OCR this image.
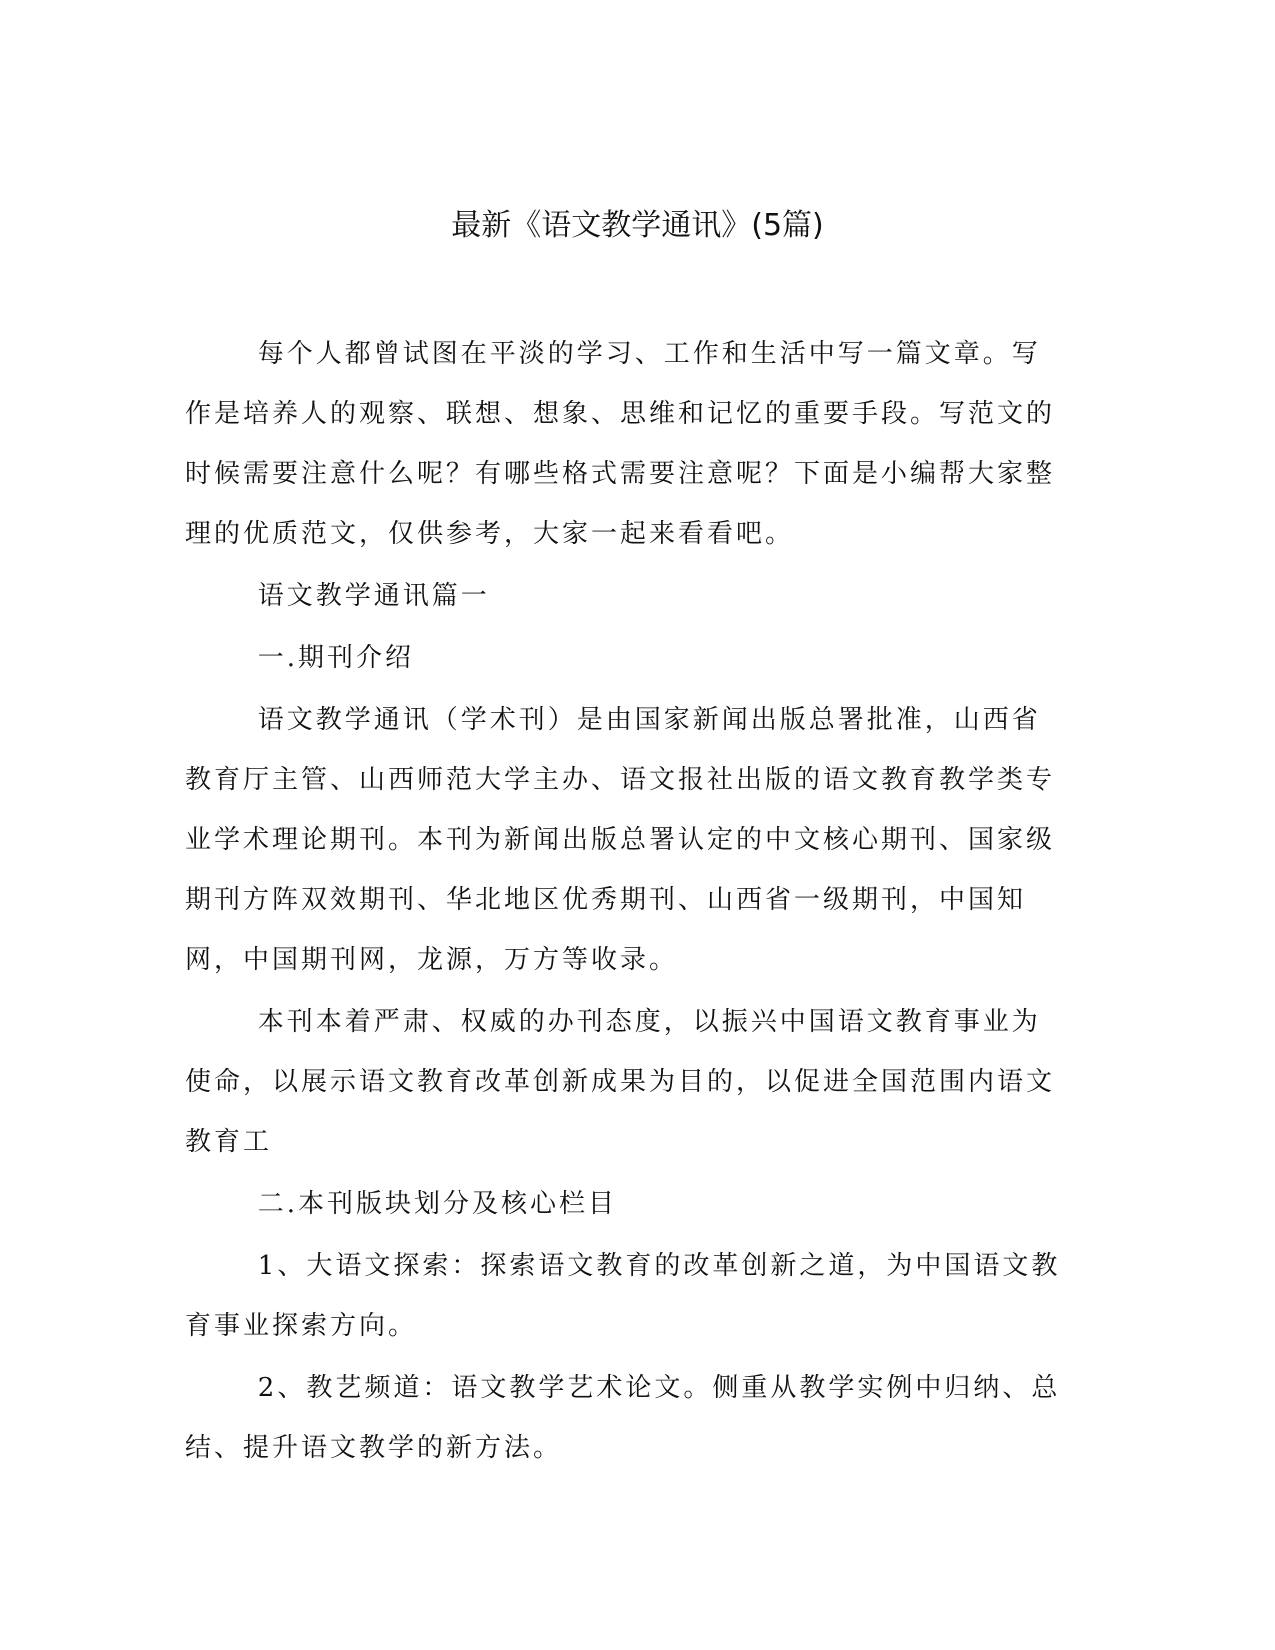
最新《语文教学通讯》(5篇)

每个人都曾试图在平淡的学习、工作和生活中写一篇文章。写作是培养人的观察、联想、想象、思维和记忆的重要手段。写范文的时候需要注意什么呢？有哪些格式需要注意呢？下面是小编帮大家整理的优质范文，仅供参考，大家一起来看看吧。

语文教学通讯篇一

一.期刊介绍

语文教学通讯（学术刊）是由国家新闻出版总署批准，山西省教育厅主管、山西师范大学主办、语文报社出版的语文教育教学类专业学术理论期刊。本刊为新闻出版总署认定的中文核心期刊、国家级期刊方阵双效期刊、华北地区优秀期刊、山西省一级期刊，中国知网，中国期刊网，龙源，万方等收录。

本刊本着严肃、权威的办刊态度，以振兴中国语文教育事业为使命，以展示语文教育改革创新成果为目的，以促进全国范围内语文教育工

二.本刊版块划分及核心栏目

1、大语文探索：探索语文教育的改革创新之道，为中国语文教育事业探索方向。

2、教艺频道：语文教学艺术论文。侧重从教学实例中归纳、总结、提升语文教学的新方法。
